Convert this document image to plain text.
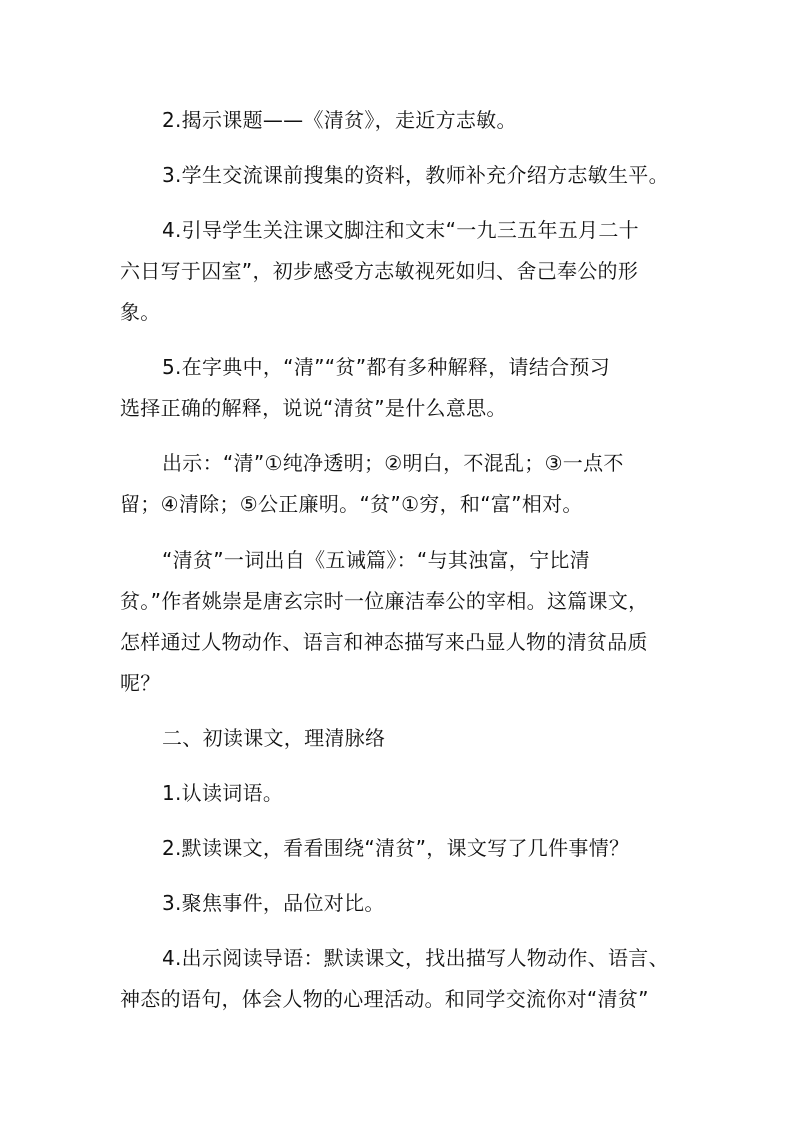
2.揭示课题——《清贫》，走近方志敏。

3.学生交流课前搜集的资料，教师补充介绍方志敏生平。

4.引导学生关注课文脚注和文末“一九三五年五月二十
六日写于囚室”，初步感受方志敏视死如归、舍己奉公的形
象。

5.在字典中，“清”“贫”都有多种解释，请结合预习
选择正确的解释，说说“清贫”是什么意思。

出示：“清”①纯净透明；②明白，不混乱；③一点不
留；④清除；⑤公正廉明。“贫”①穷，和“富”相对。

“清贫”一词出自《五诫篇》：“与其浊富，宁比清
贫。”作者姚崇是唐玄宗时一位廉洁奉公的宰相。这篇课文，
怎样通过人物动作、语言和神态描写来凸显人物的清贫品质
呢？

二、初读课文，理清脉络

1.认读词语。

2.默读课文，看看围绕“清贫”，课文写了几件事情？

3.聚焦事件，品位对比。

4.出示阅读导语：默读课文，找出描写人物动作、语言、
神态的语句，体会人物的心理活动。和同学交流你对“清贫”
